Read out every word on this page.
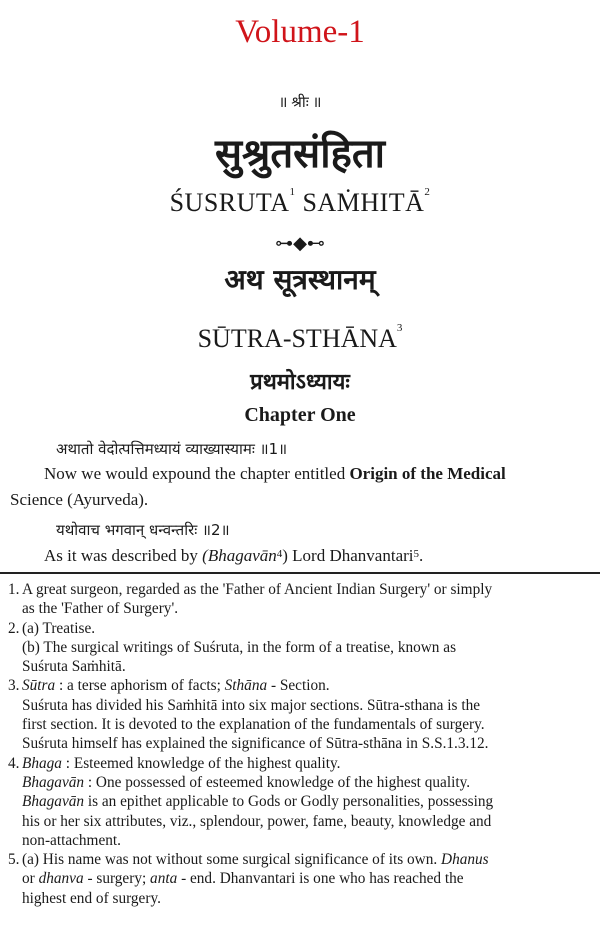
Volume-1
॥ श्रीः ॥
सुश्रुतसंहिता
ŚUSRUTA$^1$ SAṀHITĀ$^2$
⊶◆⊷
अथ सूत्रस्थानम्
SŪTRA-STHĀNA$^3$
प्रथमोऽध्यायः
Chapter One
अथातो वेदोत्पत्तिमध्यायं व्याख्यास्यामः ॥1॥
Now we would expound the chapter entitled Origin of the Medical
Science (Ayurveda).
यथोवाच भगवान् धन्वन्तरिः ॥2॥
As it was described by (Bhagavān$^4$) Lord Dhanvantari$^5$.
1. A great surgeon, regarded as the 'Father of Ancient Indian Surgery' or simply
as the 'Father of Surgery'.
2. (a) Treatise.
(b) The surgical writings of Suśruta, in the form of a treatise, known as
Suśruta Saṁhitā.
3. Sūtra : a terse aphorism of facts; Sthāna - Section.
Suśruta has divided his Saṁhitā into six major sections. Sūtra-sthana is the
first section. It is devoted to the explanation of the fundamentals of surgery.
Suśruta himself has explained the significance of Sūtra-sthāna in S.S.1.3.12.
4. Bhaga : Esteemed knowledge of the highest quality.
Bhagavān : One possessed of esteemed knowledge of the highest quality.
Bhagavān is an epithet applicable to Gods or Godly personalities, possessing
his or her six attributes, viz., splendour, power, fame, beauty, knowledge and
non-attachment.
5. (a) His name was not without some surgical significance of its own. Dhanus
or dhanva - surgery; anta - end. Dhanvantari is one who has reached the
highest end of surgery.
